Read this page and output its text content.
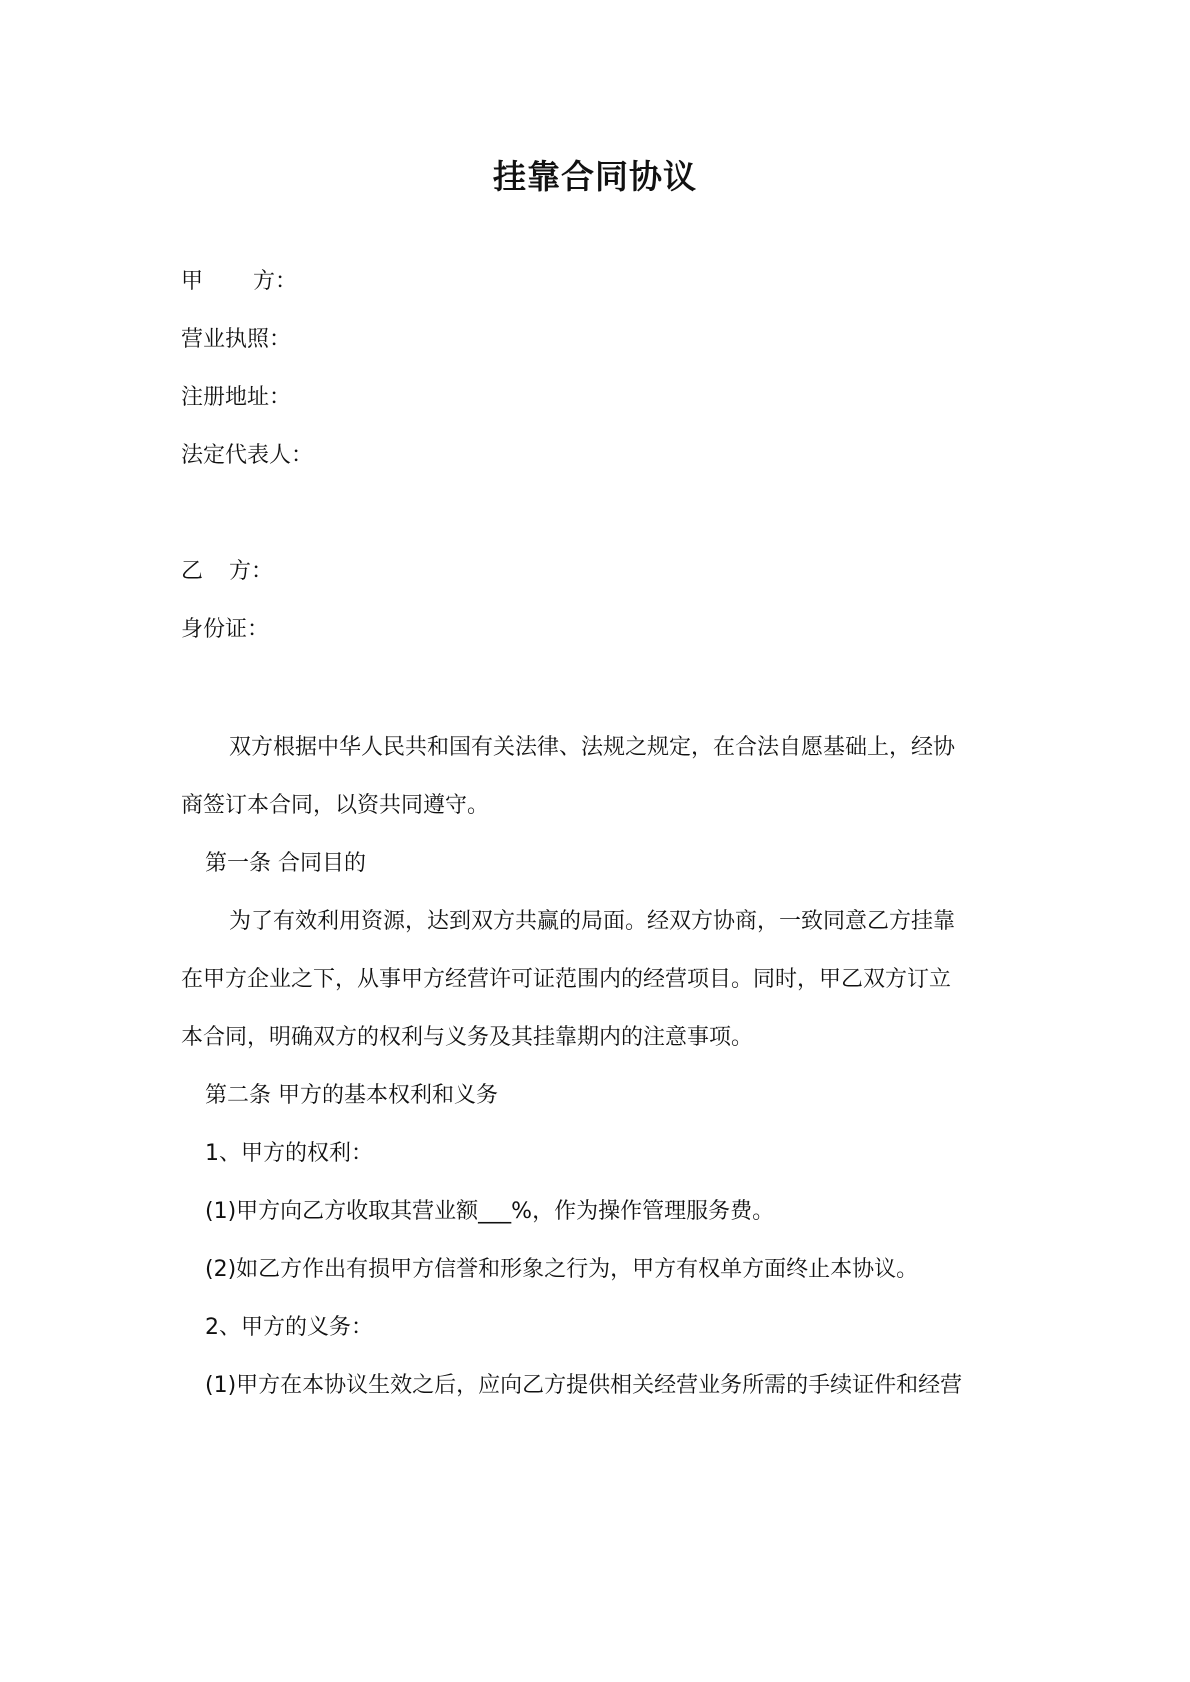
挂靠合同协议
甲 方：
营业执照：
注册地址：
法定代表人：
乙 方：
身份证：
双方根据中华人民共和国有关法律、法规之规定，在合法自愿基础上，经协
商签订本合同，以资共同遵守。
第一条 合同目的
为了有效利用资源，达到双方共赢的局面。经双方协商，一致同意乙方挂靠
在甲方企业之下，从事甲方经营许可证范围内的经营项目。同时，甲乙双方订立
本合同，明确双方的权利与义务及其挂靠期内的注意事项。
第二条 甲方的基本权利和义务
1、甲方的权利：
(1)甲方向乙方收取其营业额___%，作为操作管理服务费。
(2)如乙方作出有损甲方信誉和形象之行为，甲方有权单方面终止本协议。
2、甲方的义务：
(1)甲方在本协议生效之后，应向乙方提供相关经营业务所需的手续证件和经营
